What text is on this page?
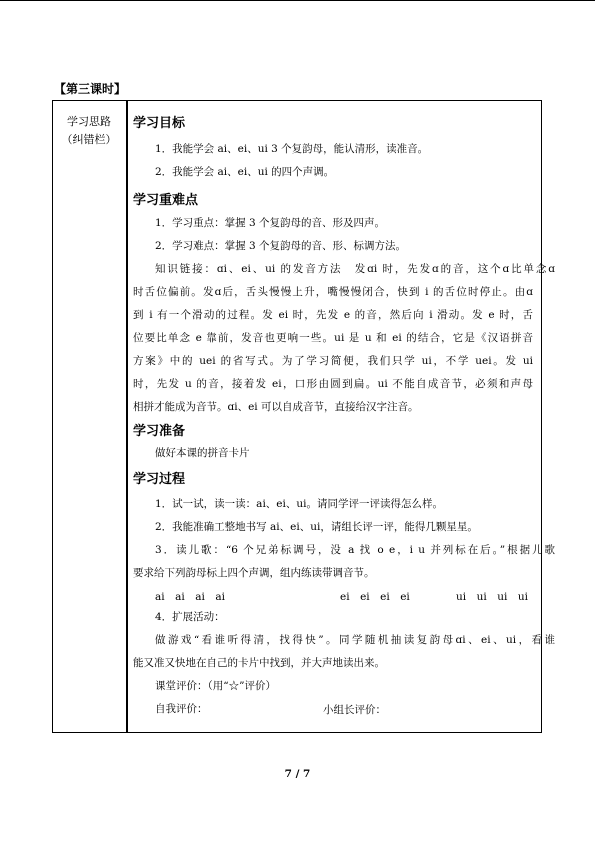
【第三课时】
学习思路
（纠错栏）
学习目标
1．我能学会 ai、ei、ui 3 个复韵母，能认清形，读准音。
2．我能学会 ai、ei、ui 的四个声调。
学习重难点
1．学习重点：掌握 3 个复韵母的音、形及四声。
2．学习难点：掌握 3 个复韵母的音、形、标调方法。
知识链接：ɑi、ei、ui 的发音方法　发ɑi 时，先发ɑ的音，这个ɑ比单念ɑ
时舌位偏前。发ɑ后，舌头慢慢上升，嘴慢慢闭合，快到 i 的舌位时停止。由ɑ
到 i 有一个滑动的过程。发 ei 时，先发 e 的音，然后向 i 滑动。发 e 时，舌
位要比单念 e 靠前，发音也更响一些。ui 是 u 和 ei 的结合，它是《汉语拼音
方案》中的 uei 的省写式。为了学习简便，我们只学 ui，不学 uei。发 ui
时，先发 u 的音，接着发 ei，口形由圆到扁。ui 不能自成音节，必须和声母
相拼才能成为音节。ɑi、ei 可以自成音节，直接给汉字注音。
学习准备
做好本课的拼音卡片
学习过程
1．试一试，读一读：ai、ei、ui。请同学评一评读得怎么样。
2．我能准确工整地书写 ai、ei、ui，请组长评一评，能得几颗星星。
3．读儿歌：“6 个兄弟标调号，没 a 找 o e，i u 并列标在后。”根据儿歌
要求给下列韵母标上四个声调，组内练读带调音节。
ai　ai　ai　ai	ei　ei　ei　ei	ui　ui　ui　ui
4．扩展活动：
做游戏“看谁听得清，找得快”。同学随机抽读复韵母ɑi、ei、ui，看谁
能又准又快地在自己的卡片中找到，并大声地读出来。
课堂评价：（用“☆”评价）
自我评价：	小组长评价：
7 / 7
